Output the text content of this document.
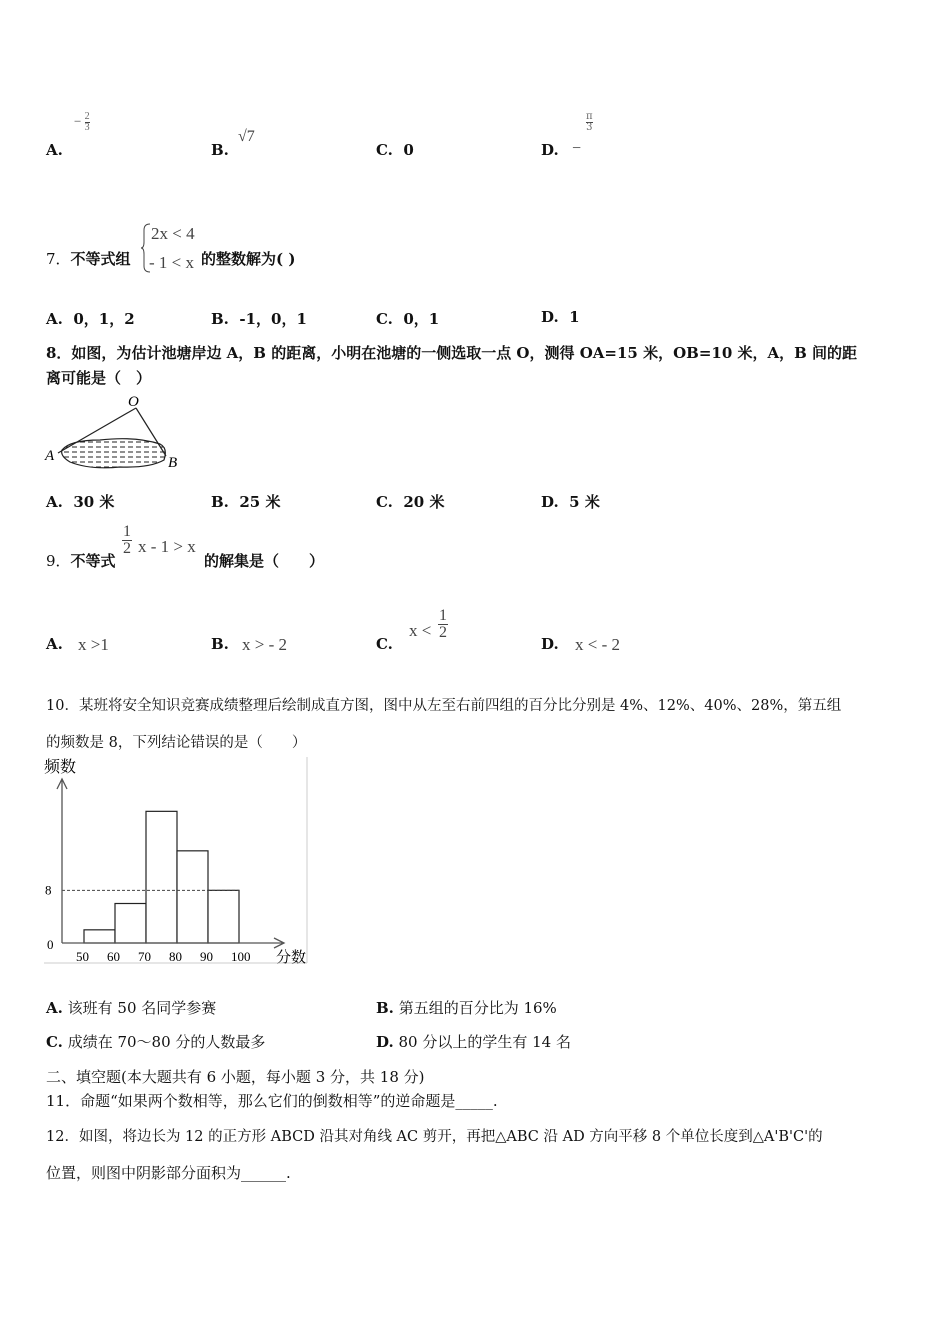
A.
− $\frac{2}{3}$
B.
√7
C. 0	D. −
$\frac{\pi}{3}$
7．不等式组
2x < 4
- 1 < x 的整数解为( )
A. 0，1，2	B. -1，0，1	C. 0，1	D. 1
8．如图，为估计池塘岸边 A，B 的距离，小明在池塘的一侧选取一点 O，测得 OA=15 米，OB=10 米，A，B 间的距
离可能是（　）
O
A	B
A. 30 米	B. 25 米	C. 20 米	D. 5 米
9．不等式
$\frac{1}{2}$ x - 1 > x
的解集是（　　）
A. x >1	B. x > - 2	C.
$x < \frac{1}{2}$
D. x < - 2
10．某班将安全知识竞赛成绩整理后绘制成直方图，图中从左至右前四组的百分比分别是 4%、12%、40%、28%，第五组
的频数是 8，下列结论错误的是（　　）
频数
分数
50 60 70 80 90 100
0
8
A. 该班有 50 名同学参赛	B. 第五组的百分比为 16%
C. 成绩在 70～80 分的人数最多	D. 80 分以上的学生有 14 名
二、填空题(本大题共有 6 小题，每小题 3 分，共 18 分)
11．命题“如果两个数相等，那么它们的倒数相等”的逆命题是_____.
12．如图，将边长为 12 的正方形 ABCD 沿其对角线 AC 剪开，再把△ABC 沿 AD 方向平移 8 个单位长度到△A'B'C'的
位置，则图中阴影部分面积为______.
